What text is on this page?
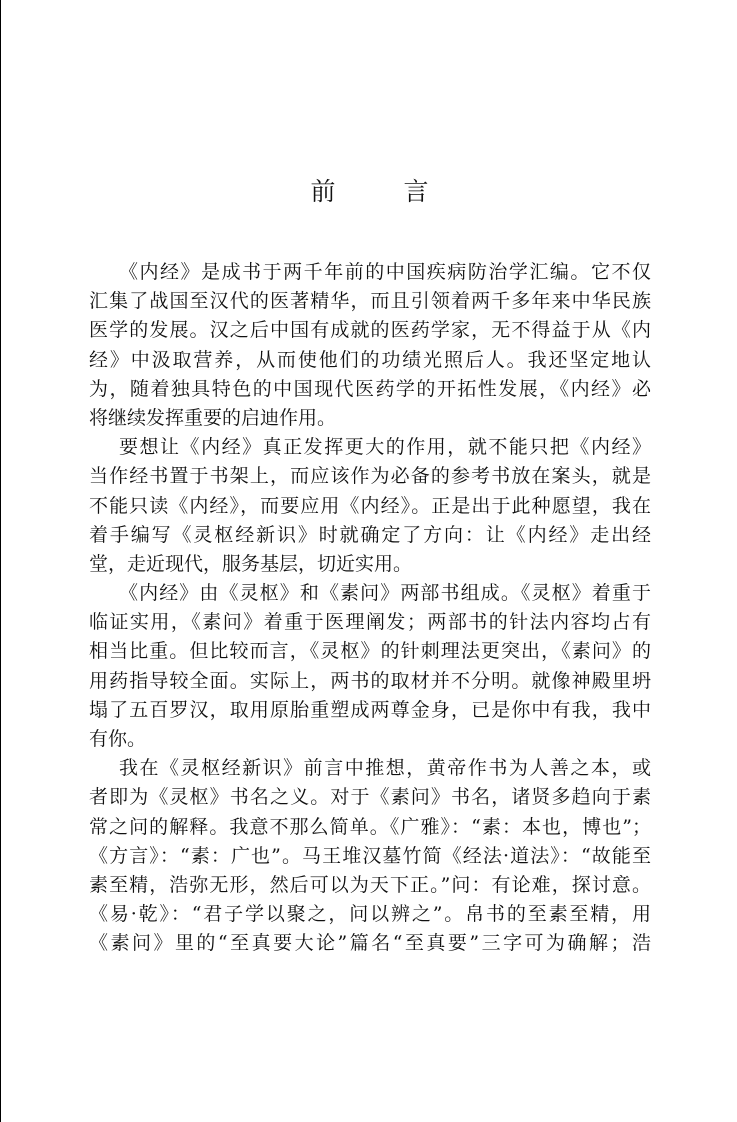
前 言
《内经》是成书于两千年前的中国疾病防治学汇编。它不仅
汇集了战国至汉代的医著精华，而且引领着两千多年来中华民族
医学的发展。汉之后中国有成就的医药学家，无不得益于从《内
经》中汲取营养，从而使他们的功绩光照后人。我还坚定地认
为，随着独具特色的中国现代医药学的开拓性发展，《内经》必
将继续发挥重要的启迪作用。
要想让《内经》真正发挥更大的作用，就不能只把《内经》
当作经书置于书架上，而应该作为必备的参考书放在案头，就是
不能只读《内经》，而要应用《内经》。正是出于此种愿望，我在
着手编写《灵枢经新识》时就确定了方向：让《内经》走出经
堂，走近现代，服务基层，切近实用。
《内经》由《灵枢》和《素问》两部书组成。《灵枢》着重于
临证实用，《素问》着重于医理阐发；两部书的针法内容均占有
相当比重。但比较而言，《灵枢》的针刺理法更突出，《素问》的
用药指导较全面。实际上，两书的取材并不分明。就像神殿里坍
塌了五百罗汉，取用原胎重塑成两尊金身，已是你中有我，我中
有你。
我在《灵枢经新识》前言中推想，黄帝作书为人善之本，或
者即为《灵枢》书名之义。对于《素问》书名，诸贤多趋向于素
常之问的解释。我意不那么简单。《广雅》：“素：本也，博也”；
《方言》：“素：广也”。马王堆汉墓竹简《经法·道法》：“故能至
素至精，浩弥无形，然后可以为天下正。”问：有论难，探讨意。
《易·乾》：“君子学以聚之，问以辨之”。帛书的至素至精，用
《素问》里的“至真要大论”篇名“至真要”三字可为确解；浩
